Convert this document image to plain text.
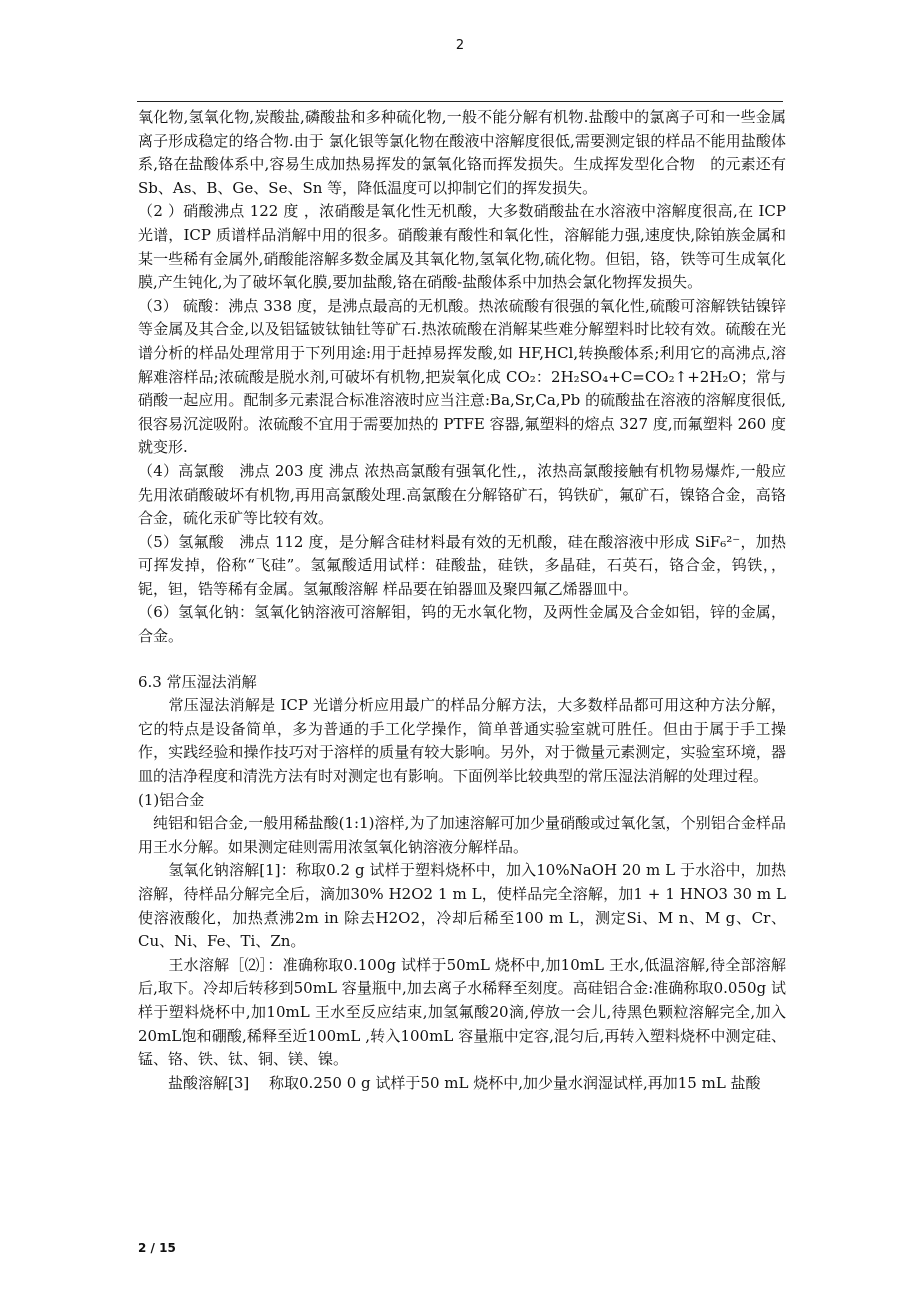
2

氧化物,氢氧化物,炭酸盐,磷酸盐和多种硫化物,一般不能分解有机物.盐酸中的氯离子可和一些金属离子形成稳定的络合物.由于 氯化银等氯化物在酸液中溶解度很低,需要测定银的样品不能用盐酸体系,铬在盐酸体系中,容易生成加热易挥发的氯氧化铬而挥发损失。生成挥发型化合物　的元素还有 Sb、As、B、Ge、Se、Sn 等，降低温度可以抑制它们的挥发损失。

（2 ）硝酸沸点 122 度 ，浓硝酸是氧化性无机酸，大多数硝酸盐在水溶液中溶解度很高,在 ICP 光谱，ICP 质谱样品消解中用的很多。硝酸兼有酸性和氧化性，溶解能力强,速度快,除铂族金属和某一些稀有金属外,硝酸能溶解多数金属及其氧化物,氢氧化物,硫化物。但铝，铬，铁等可生成氧化膜,产生钝化,为了破坏氧化膜,要加盐酸,铬在硝酸-盐酸体系中加热会氯化物挥发损失。

（3） 硫酸：沸点 338 度，是沸点最高的无机酸。热浓硫酸有很强的氧化性,硫酸可溶解铁钴镍锌等金属及其合金,以及铝锰铍钛铀钍等矿石.热浓硫酸在消解某些难分解塑料时比较有效。硫酸在光谱分析的样品处理常用于下列用途:用于赶掉易挥发酸,如 HF,HCl,转换酸体系;利用它的高沸点,溶解难溶样品;浓硫酸是脱水剂,可破坏有机物,把炭氧化成 CO₂：2H₂SO₄+C=CO₂↑+2H₂O；常与硝酸一起应用。配制多元素混合标准溶液时应当注意:Ba,Sr,Ca,Pb 的硫酸盐在溶液的溶解度很低,很容易沉淀吸附。浓硫酸不宜用于需要加热的 PTFE 容器,氟塑料的熔点 327 度,而氟塑料 260 度就变形.

（4）高氯酸　沸点 203 度 沸点 浓热高氯酸有强氧化性,，浓热高氯酸接触有机物易爆炸,一般应先用浓硝酸破坏有机物,再用高氯酸处理.高氯酸在分解铬矿石，钨铁矿，氟矿石，镍铬合金，高铬合金，硫化汞矿等比较有效。

（5）氢氟酸　沸点 112 度，是分解含硅材料最有效的无机酸，硅在酸溶液中形成 SiF₆²⁻，加热可挥发掉，俗称“飞硅”。氢氟酸适用试样：硅酸盐，硅铁，多晶硅，石英石，铬合金，钨铁，，铌，钽，锆等稀有金属。氢氟酸溶解 样品要在铂器皿及聚四氟乙烯器皿中。

（6）氢氧化钠：氢氧化钠溶液可溶解钼，钨的无水氧化物，及两性金属及合金如铝，锌的金属，合金。

6.3 常压湿法消解

　　常压湿法消解是 ICP 光谱分析应用最广的样品分解方法，大多数样品都可用这种方法分解，它的特点是设备简单，多为普通的手工化学操作，简单普通实验室就可胜任。但由于属于手工操作，实践经验和操作技巧对于溶样的质量有较大影响。另外，对于微量元素测定，实验室环境，器皿的洁净程度和清洗方法有时对测定也有影响。下面例举比较典型的常压湿法消解的处理过程。

(1)铝合金

　纯铝和铝合金,一般用稀盐酸(1:1)溶样,为了加速溶解可加少量硝酸或过氧化氢，个别铝合金样品用王水分解。如果测定硅则需用浓氢氧化钠溶液分解样品。

　　氢氧化钠溶解[1]：称取0.2 g 试样于塑料烧杯中，加入10%NaOH 20 m L 于水浴中，加热溶解，待样品分解完全后，滴加30% H2O2 1 m L，使样品完全溶解，加1 + 1 HNO3 30 m L 使溶液酸化，加热煮沸2m in 除去H2O2，冷却后稀至100 m L，测定Si、M n、M g、Cr、Cu、Ni、Fe、Ti、Zn。

　　王水溶解［⑵］：准确称取0.100g 试样于50mL 烧杯中,加10mL 王水,低温溶解,待全部溶解后,取下。冷却后转移到50mL 容量瓶中,加去离子水稀释至刻度。高硅铝合金:准确称取0.050g 试样于塑料烧杯中,加10mL 王水至反应结束,加氢氟酸20滴,停放一会儿,待黑色颗粒溶解完全,加入20mL饱和硼酸,稀释至近100mL ,转入100mL 容量瓶中定容,混匀后,再转入塑料烧杯中测定硅、锰、铬、铁、钛、铜、镁、镍。

　　盐酸溶解[3]　 称取0.250 0 g 试样于50 mL 烧杯中,加少量水润湿试样,再加15 mL 盐酸

2 / 15
